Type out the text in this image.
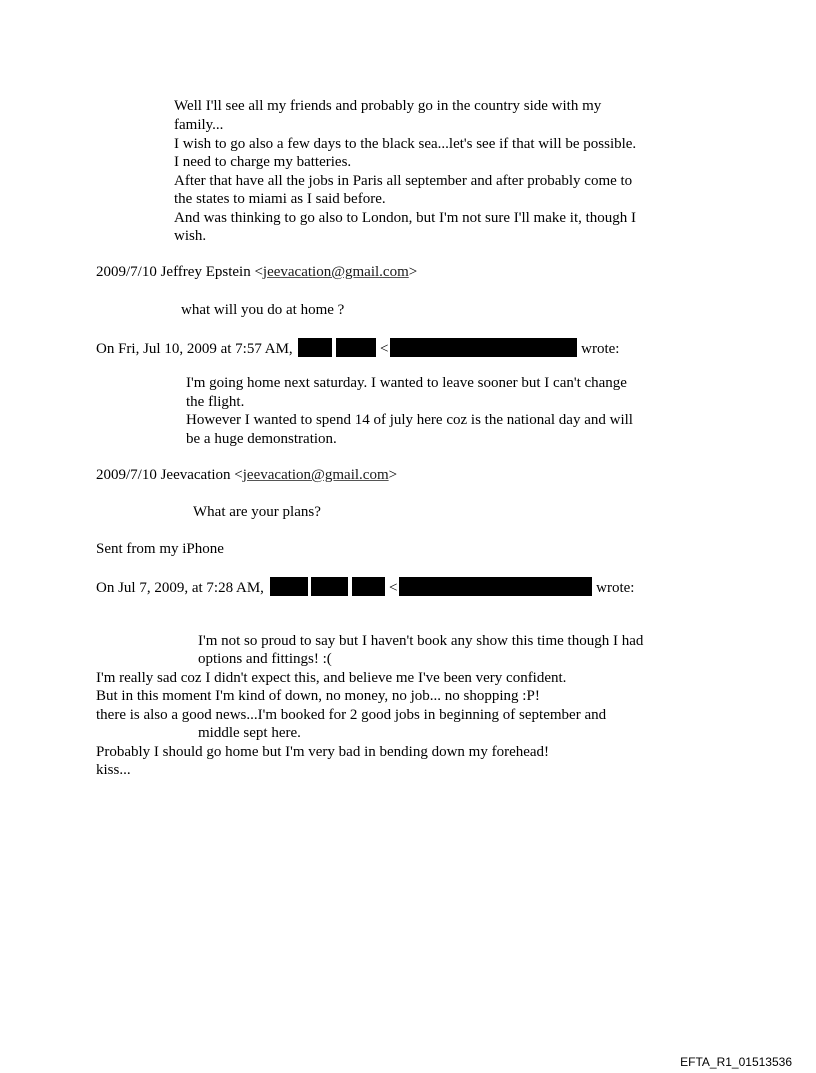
Well I'll see all my friends and probably go in the country side with my
family...
I wish to go also a few days to the black sea...let's see if that will be possible.
I need to charge my batteries.
After that have all the jobs in Paris all september and after probably come to
the states to miami as I said before.
And was thinking to go also to London, but I'm not sure I'll make it, though I
wish.
2009/7/10 Jeffrey Epstein <jeevacation@gmail.com>
what will you do at home ?
On Fri, Jul 10, 2009 at 7:57 AM,	<	wrote:
I'm going home next saturday. I wanted to leave sooner but I can't change
the flight.
However I wanted to spend 14 of july here coz is the national day and will
be a huge demonstration.
2009/7/10 Jeevacation <jeevacation@gmail.com>
What are your plans?
Sent from my iPhone
On Jul 7, 2009, at 7:28 AM,	<	wrote:
I'm not so proud to say but I haven't book any show this time though I had
options and fittings! :(
I'm really sad coz I didn't expect this, and believe me I've been very confident.
But in this moment I'm kind of down, no money, no job... no shopping :P!
there is also a good news...I'm booked for 2 good jobs in beginning of september and
middle sept here.
Probably I should go home but I'm very bad in bending down my forehead!
kiss...
EFTA_R1_01513536
